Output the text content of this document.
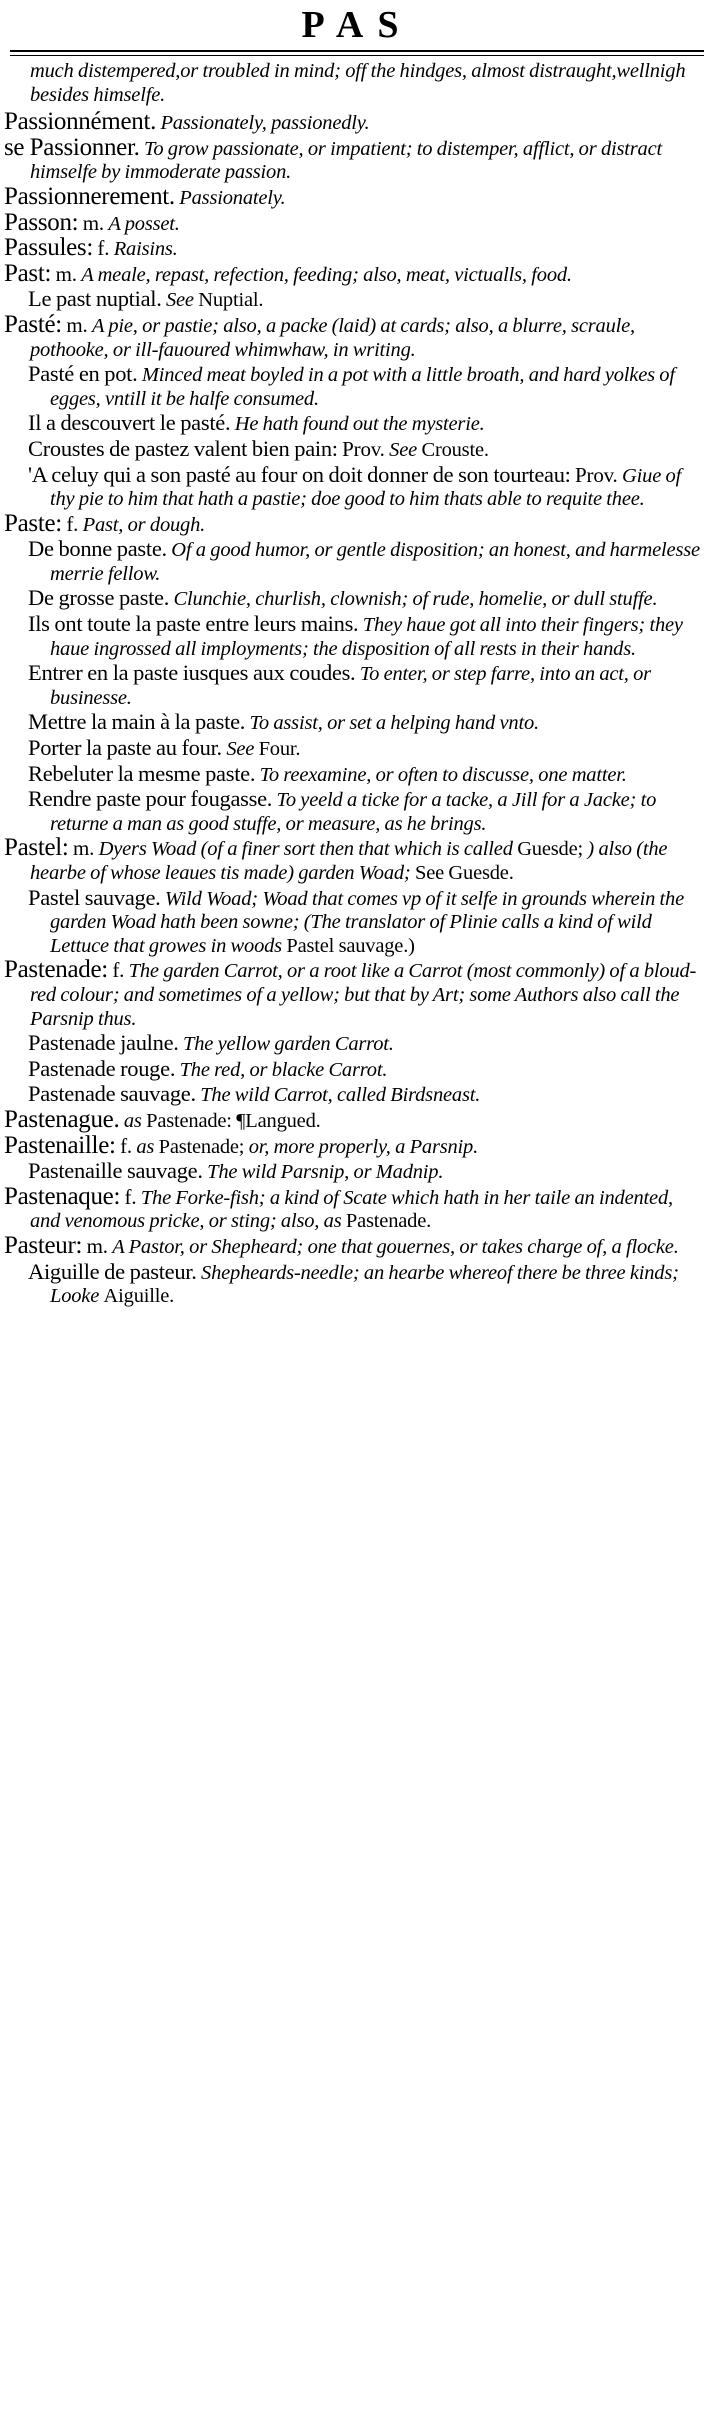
PAS

much distempered,or troubled in mind; off the hindges, almost distraught,wellnigh besides himselfe.

Passionnément. Passionately, passionedly.

se Passionner. To grow passionate, or impatient; to distemper, afflict, or distract himselfe by immoderate passion.

Passionnerement. Passionately.

Passon: m. A posset.

Passules: f. Raisins.

Past: m. A meale, repast, refection, feeding; also, meat, victualls, food.

Le past nuptial. See Nuptial.

Pasté: m. A pie, or pastie; also, a packe (laid) at cards; also, a blurre, scraule, pothooke, or ill-fauoured whimwhaw, in writing.

Pasté en pot. Minced meat boyled in a pot with a little broath, and hard yolkes of egges, vntill it be halfe consumed.

Il a descouvert le pasté. He hath found out the mysterie.

Croustes de pastez valent bien pain: Prov. See Crouste.

'A celuy qui a son pasté au four on doit donner de son tourteau: Prov. Giue of thy pie to him that hath a pastie; doe good to him thats able to requite thee.

Paste: f. Past, or dough.

De bonne paste. Of a good humor, or gentle disposition; an honest, and harmelesse merrie fellow.

De grosse paste. Clunchie, churlish, clownish; of rude, homelie, or dull stuffe.

Ils ont toute la paste entre leurs mains. They haue got all into their fingers; they haue ingrossed all imployments; the disposition of all rests in their hands.

Entrer en la paste iusques aux coudes. To enter, or step farre, into an act, or businesse.

Mettre la main à la paste. To assist, or set a helping hand vnto.

Porter la paste au four. See Four.

Rebeluter la mesme paste. To reexamine, or often to discusse, one matter.

Rendre paste pour fougasse. To yeeld a ticke for a tacke, a Jill for a Jacke; to returne a man as good stuffe, or measure, as he brings.

Pastel: m. Dyers Woad (of a finer sort then that which is called Guesde; ) also (the hearbe of whose leaues tis made) garden Woad; See Guesde.

Pastel sauvage. Wild Woad; Woad that comes vp of it selfe in grounds wherein the garden Woad hath been sowne; (The translator of Plinie calls a kind of wild Lettuce that growes in woods Pastel sauvage.)

Pastenade: f. The garden Carrot, or a root like a Carrot (most commonly) of a bloud-red colour; and sometimes of a yellow; but that by Art; some Authors also call the Parsnip thus.

Pastenade jaulne. The yellow garden Carrot.

Pastenade rouge. The red, or blacke Carrot.

Pastenade sauvage. The wild Carrot, called Birdsneast.

Pastenague. as Pastenade: ¶Langued.

Pastenaille: f. as Pastenade; or, more properly, a Parsnip.

Pastenaille sauvage. The wild Parsnip, or Madnip.

Pastenaque: f. The Forke-fish; a kind of Scate which hath in her taile an indented, and venomous pricke, or sting; also, as Pastenade.

Pasteur: m. A Pastor, or Shepheard; one that gouernes, or takes charge of, a flocke.

Aiguille de pasteur. Shepheards-needle; an hearbe whereof there be three kinds; Looke Aiguille.
